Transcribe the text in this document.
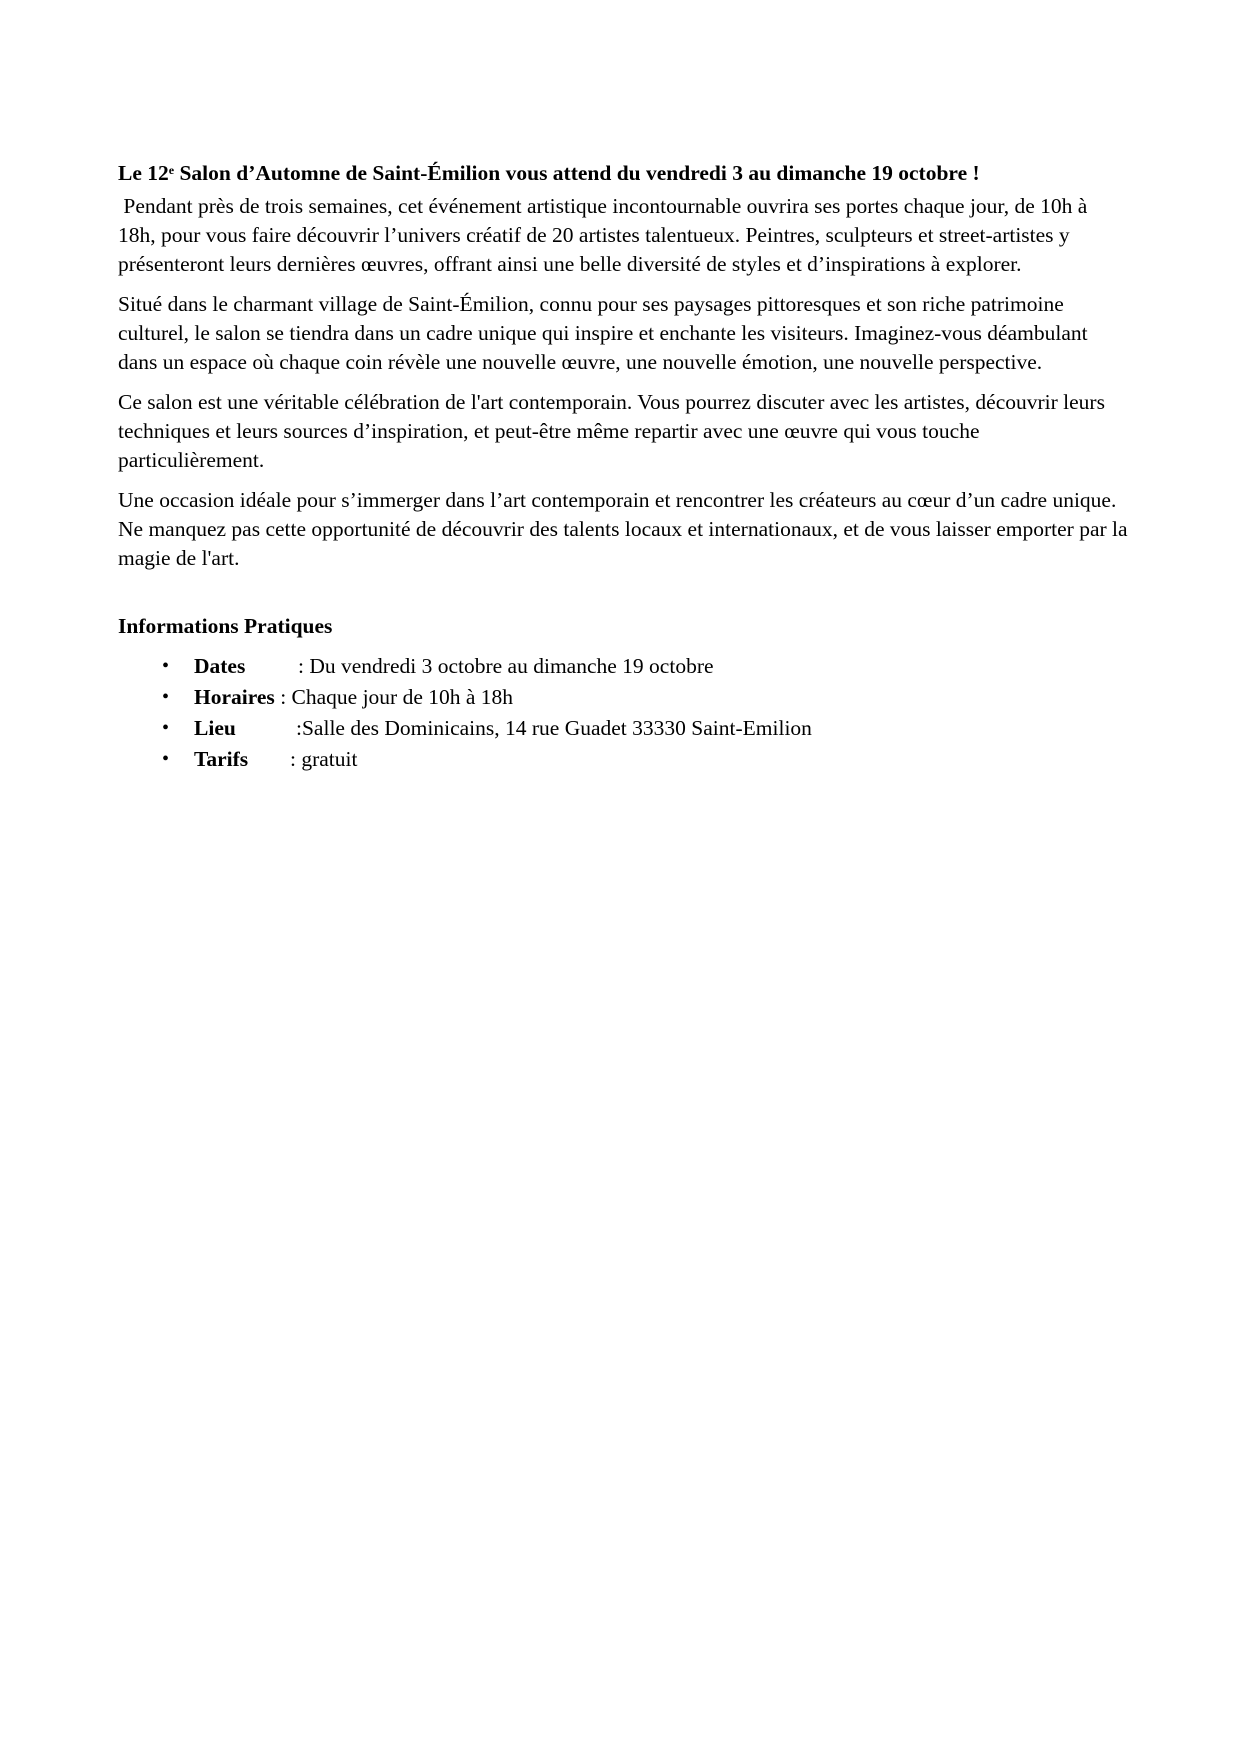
Le 12e Salon d’Automne de Saint-Émilion vous attend du vendredi 3 au dimanche 19 octobre !

Pendant près de trois semaines, cet événement artistique incontournable ouvrira ses portes chaque jour, de 10h à 18h, pour vous faire découvrir l’univers créatif de 20 artistes talentueux. Peintres, sculpteurs et street-artistes y présenteront leurs dernières œuvres, offrant ainsi une belle diversité de styles et d’inspirations à explorer.

Situé dans le charmant village de Saint-Émilion, connu pour ses paysages pittoresques et son riche patrimoine culturel, le salon se tiendra dans un cadre unique qui inspire et enchante les visiteurs. Imaginez-vous déambulant dans un espace où chaque coin révèle une nouvelle œuvre, une nouvelle émotion, une nouvelle perspective.

Ce salon est une véritable célébration de l'art contemporain. Vous pourrez discuter avec les artistes, découvrir leurs techniques et leurs sources d’inspiration, et peut-être même repartir avec une œuvre qui vous touche particulièrement.

Une occasion idéale pour s’immerger dans l’art contemporain et rencontrer les créateurs au cœur d’un cadre unique. Ne manquez pas cette opportunité de découvrir des talents locaux et internationaux, et de vous laisser emporter par la magie de l'art.

Informations Pratiques
• Dates : Du vendredi 3 octobre au dimanche 19 octobre
• Horaires : Chaque jour de 10h à 18h
• Lieu	:Salle des Dominicains, 14 rue Guadet 33330 Saint-Emilion
• Tarifs : gratuit
